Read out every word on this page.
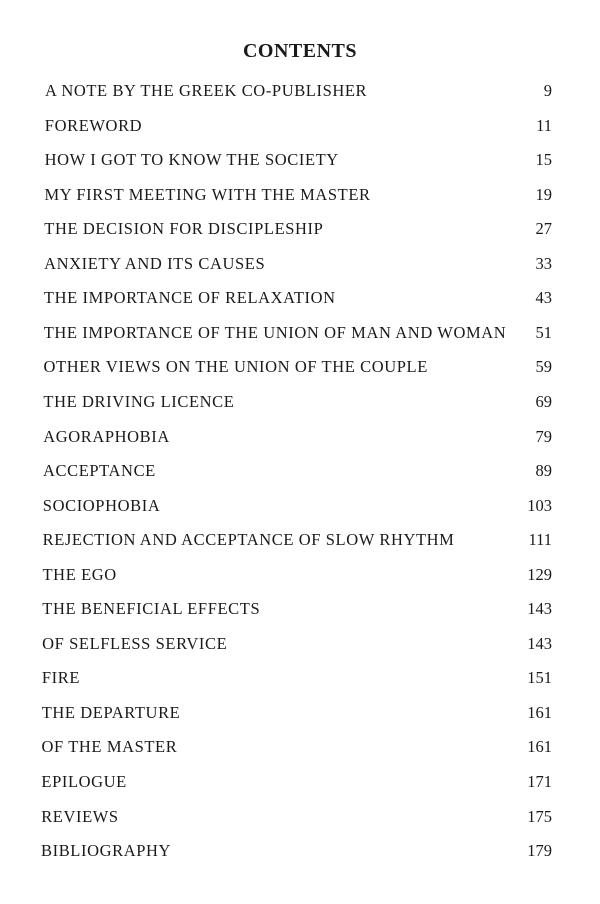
CONTENTS
A NOTE BY THE GREEK CO-PUBLISHER	9
FOREWORD	11
HOW I GOT TO KNOW THE SOCIETY	15
MY FIRST MEETING WITH THE MASTER	19
THE DECISION FOR DISCIPLESHIP	27
ANXIETY AND ITS CAUSES	33
THE IMPORTANCE OF RELAXATION	43
THE IMPORTANCE OF THE UNION OF MAN AND WOMAN 51
OTHER VIEWS ON THE UNION OF THE COUPLE	59
THE DRIVING LICENCE	69
AGORAPHOBIA	79
ACCEPTANCE	89
SOCIOPHOBIA	103
REJECTION AND ACCEPTANCE OF SLOW RHYTHM	111
THE EGO	129
THE BENEFICIAL EFFECTS	143
OF SELFLESS SERVICE	143
FIRE	151
THE DEPARTURE	161
OF THE MASTER	161
EPILOGUE	171
REVIEWS	175
BIBLIOGRAPHY	179
